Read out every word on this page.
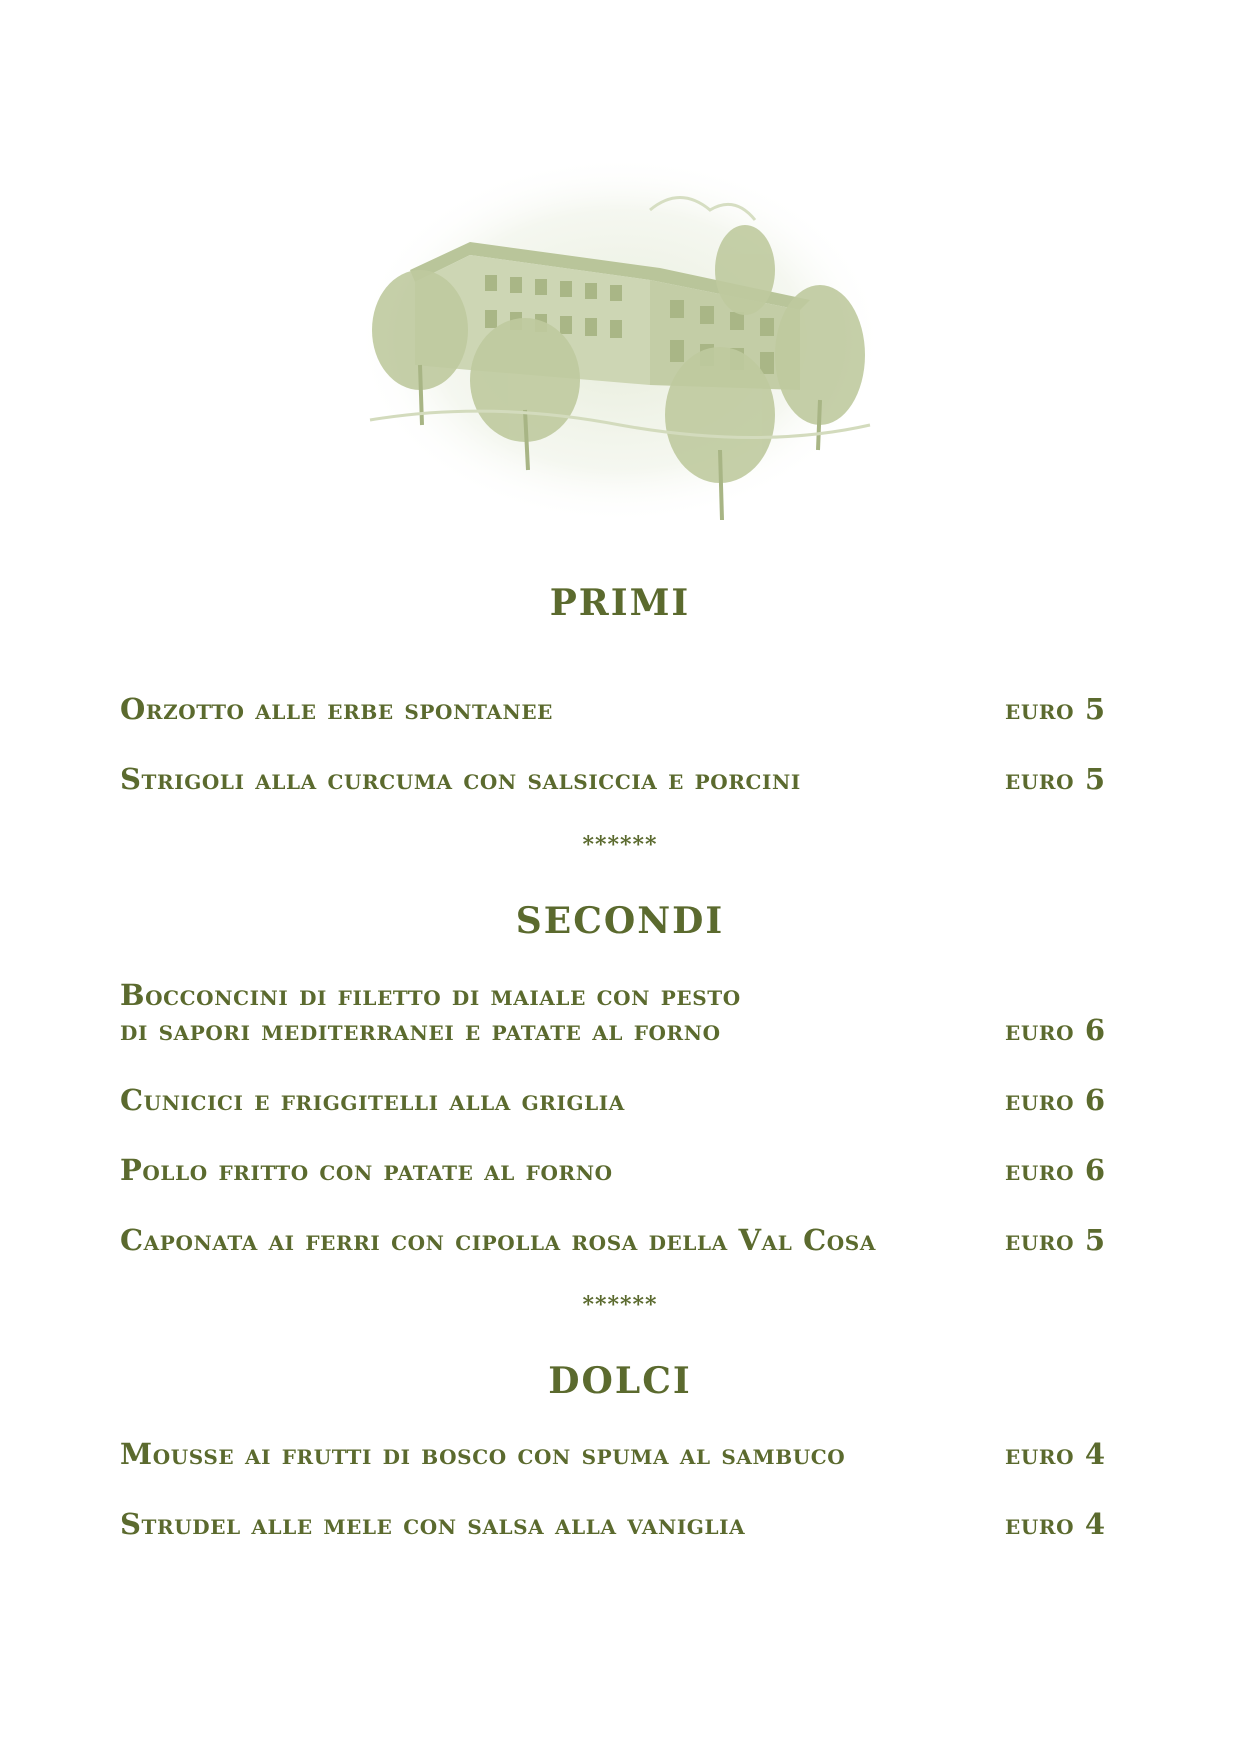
PRIMI
Orzotto alle erbe spontanee	euro 5
Strigoli alla curcuma con salsiccia e porcini	euro 5
******
SECONDI
Bocconcini di filetto di maiale con pesto
di sapori mediterranei e patate al forno	euro 6
Cunicici e friggitelli alla griglia	euro 6
Pollo fritto con patate al forno	euro 6
Caponata ai ferri con cipolla rosa della Val Cosa	euro 5
******
DOLCI
Mousse ai frutti di bosco con spuma al sambuco	euro 4
Strudel alle mele con salsa alla vaniglia	euro 4
